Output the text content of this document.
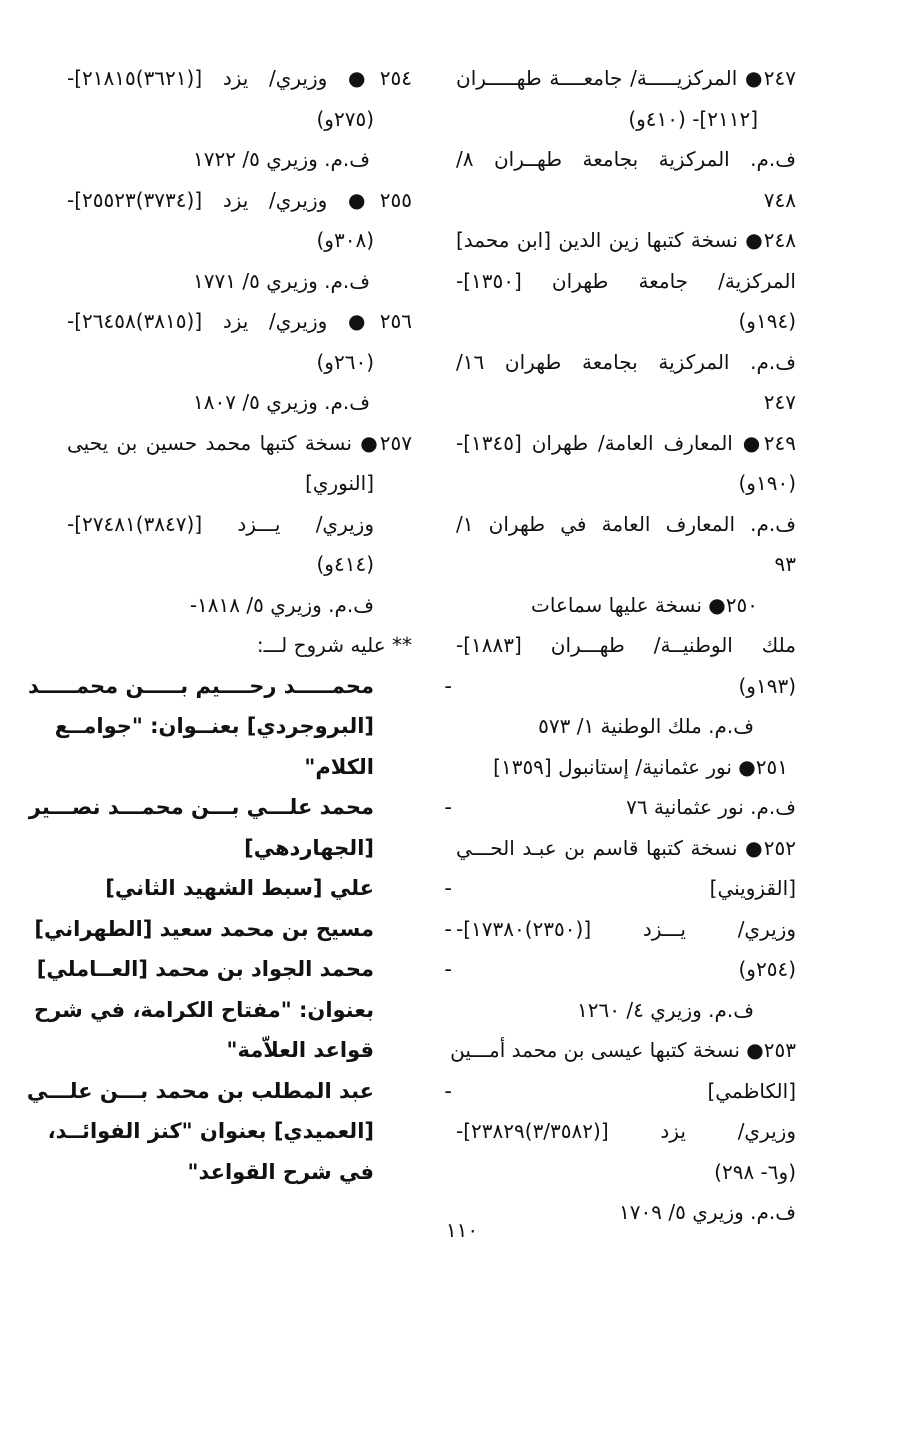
٢٤٧● المركزيـــــة/ جامعــــة طهـــــران
[٢١١٢]- (٤١٠و)
ف.م. المركزية بجامعة طهــران ٨/
٧٤٨
٢٤٨● نسخة كتبها زين الدين [ابن محمد]
المركزية/ جامعة طهران [١٣٥٠]-
(١٩٤و)
ف.م. المركزية بجامعة طهران ١٦/
٢٤٧
٢٤٩● المعارف العامة/ طهران [١٣٤٥]-
(١٩٠و)
ف.م. المعارف العامة في طهران ١/
٩٣
٢٥٠● نسخة عليها سماعات
ملك الوطنيــة/ طهـــران [١٨٨٣]-
(١٩٣و)
ف.م. ملك الوطنية ١/ ٥٧٣
٢٥١● نور عثمانية/ إستانبول [١٣٥٩]
ف.م. نور عثمانية ٧٦
٢٥٢● نسخة كتبها قاسم بن عبـد الحـــي
[القزويني]
وزيري/ يـــزد [(٢٣٥٠)١٧٣٨٠]-
(٢٥٤و)
ف.م. وزيري ٤/ ١٢٦٠
٢٥٣● نسخة كتبها عيسى بن محمد أمـــين
[الكاظمي]
وزيري/ يزد [(٣/٣٥٨٢)٢٣٨٢٩]-
(و٦- ٢٩٨)
ف.م. وزيري ٥/ ١٧٠٩
٢٥٤● وزيري/ يزد [(٣٦٢١)٢١٨١٥]-
(٢٧٥و)
ف.م. وزيري ٥/ ١٧٢٢
٢٥٥● وزيري/ يزد [(٣٧٣٤)٢٥٥٢٣]-
(٣٠٨و)
ف.م. وزيري ٥/ ١٧٧١
٢٥٦● وزيري/ يزد [(٣٨١٥)٢٦٤٥٨]-
(٢٦٠و)
ف.م. وزيري ٥/ ١٨٠٧
٢٥٧● نسخة كتبها محمد حسين بن يحيى
[النوري]
وزيري/ يـــزد [(٣٨٤٧)٢٧٤٨١]-
(٤١٤و)
ف.م. وزيري ٥/ ١٨١٨-
** عليه شروح لـــ:
-
محمـــــد رحــــيم بـــــن محمـــــد
[البروجردي] بعنــوان: "جوامــع
الكلام"
-
محمد علـــي بـــن محمـــد نصـــير
[الجهاردهي]
-
علي [سبط الشهيد الثاني]
-
مسيح بن محمد سعيد [الطهراني]
-
محمد الجواد بن محمد [العــاملي]
بعنوان: "مفتاح الكرامة، في شرح
قواعد العلاّمة"
-
عبد المطلب بن محمد بـــن علـــي
[العميدي] بعنوان "كنز الفوائــد،
في شرح القواعد"
١١٠
